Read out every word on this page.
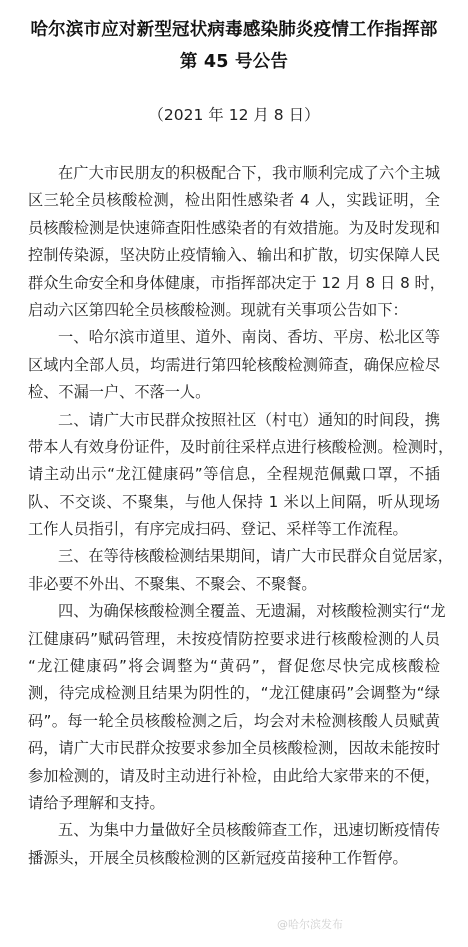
哈尔滨市应对新型冠状病毒感染肺炎疫情工作指挥部
第 45 号公告
（2021 年 12 月 8 日）
在广大市民朋友的积极配合下，我市顺利完成了六个主城
区三轮全员核酸检测，检出阳性感染者 4 人，实践证明，全
员核酸检测是快速筛查阳性感染者的有效措施。为及时发现和
控制传染源，坚决防止疫情输入、输出和扩散，切实保障人民
群众生命安全和身体健康，市指挥部决定于 12 月 8 日 8 时，
启动六区第四轮全员核酸检测。现就有关事项公告如下：
一、哈尔滨市道里、道外、南岗、香坊、平房、松北区等
区域内全部人员，均需进行第四轮核酸检测筛查，确保应检尽
检、不漏一户、不落一人。
二、请广大市民群众按照社区（村屯）通知的时间段，携
带本人有效身份证件，及时前往采样点进行核酸检测。检测时，
请主动出示“龙江健康码”等信息，全程规范佩戴口罩，不插
队、不交谈、不聚集，与他人保持 1 米以上间隔，听从现场
工作人员指引，有序完成扫码、登记、采样等工作流程。
三、在等待核酸检测结果期间，请广大市民群众自觉居家，
非必要不外出、不聚集、不聚会、不聚餐。
四、为确保核酸检测全覆盖、无遗漏，对核酸检测实行“龙
江健康码”赋码管理，未按疫情防控要求进行核酸检测的人员
“龙江健康码”将会调整为“黄码”，督促您尽快完成核酸检
测，待完成检测且结果为阴性的，“龙江健康码”会调整为“绿
码”。每一轮全员核酸检测之后，均会对未检测核酸人员赋黄
码，请广大市民群众按要求参加全员核酸检测，因故未能按时
参加检测的，请及时主动进行补检，由此给大家带来的不便，
请给予理解和支持。
五、为集中力量做好全员核酸筛查工作，迅速切断疫情传
播源头，开展全员核酸检测的区新冠疫苗接种工作暂停。
@哈尔滨发布
